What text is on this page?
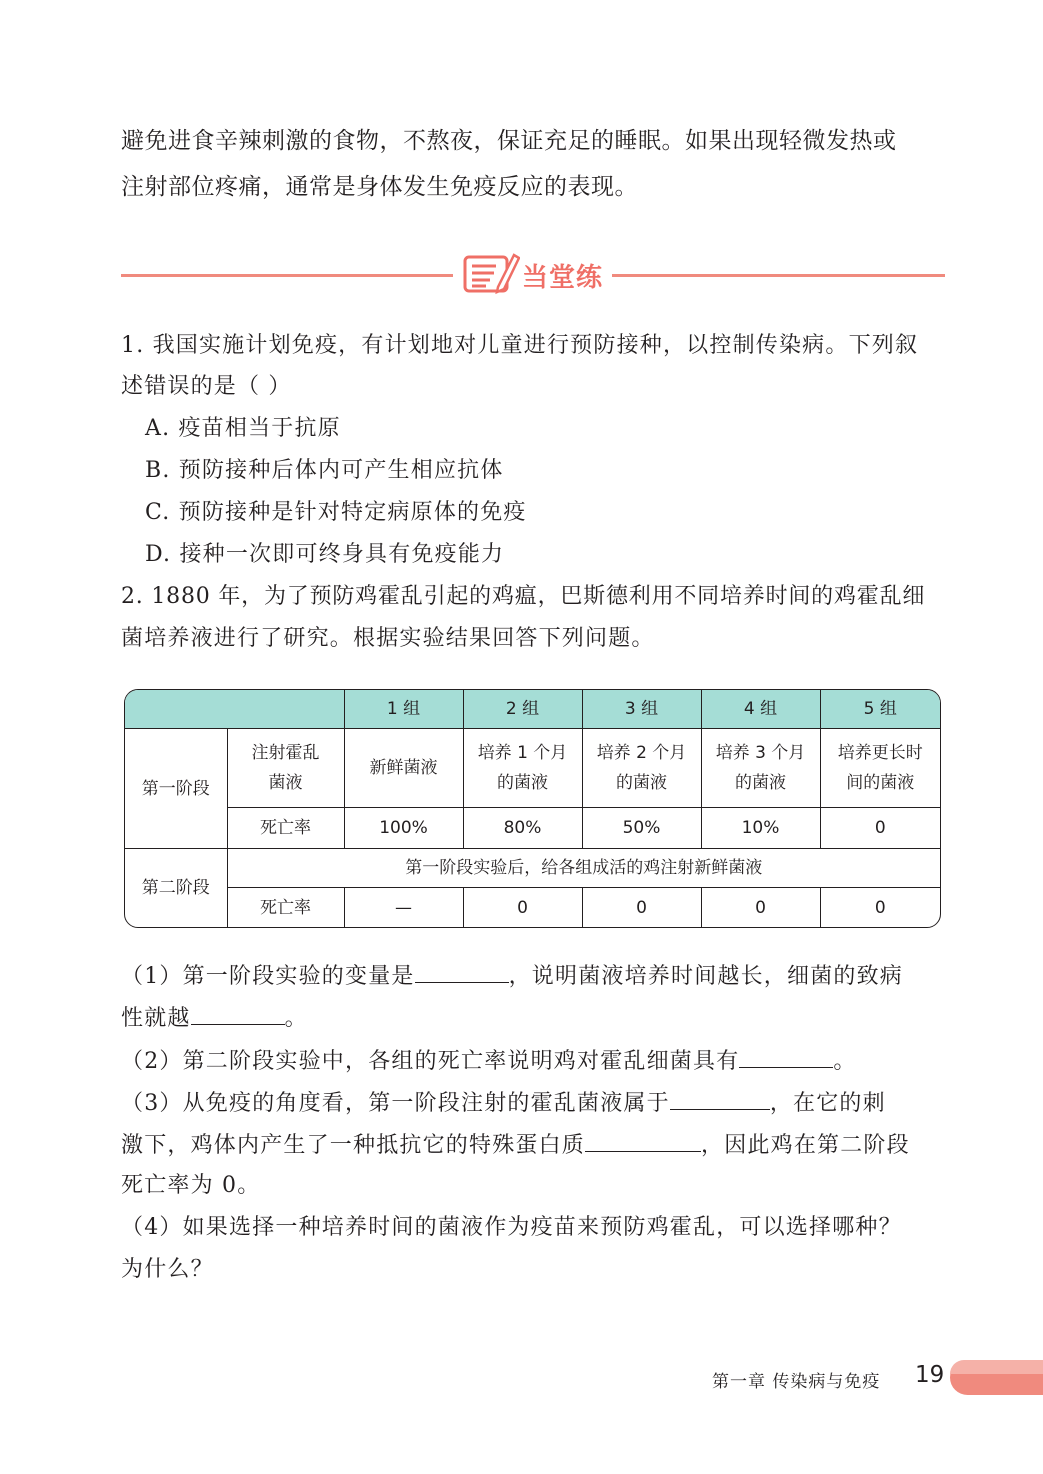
避免进食辛辣刺激的食物，不熬夜，保证充足的睡眠。如果出现轻微发热或

注射部位疼痛，通常是身体发生免疫反应的表现。

当堂练
1. 我国实施计划免疫，有计划地对儿童进行预防接种，以控制传染病。下列叙
述错误的是（ ）
A. 疫苗相当于抗原
B. 预防接种后体内可产生相应抗体
C. 预防接种是针对特定病原体的免疫
D. 接种一次即可终身具有免疫能力
2. 1880 年，为了预防鸡霍乱引起的鸡瘟，巴斯德利用不同培养时间的鸡霍乱细
菌培养液进行了研究。根据实验结果回答下列问题。
		1 组	2 组	3 组	4 组	5 组
第一阶段	注射霍乱菌液	新鲜菌液	培养 1 个月的菌液	培养 2 个月的菌液	培养 3 个月的菌液	培养更长时间的菌液

	死亡率	100%	80%	50%	10%	0
第二阶段	第一阶段实验后，给各组成活的鸡注射新鲜菌液					
	死亡率	—	0	0	0	0
（1）第一阶段实验的变量是	，说明菌液培养时间越长，细菌的致病
性就越	。
（2）第二阶段实验中，各组的死亡率说明鸡对霍乱细菌具有	。
（3）从免疫的角度看，第一阶段注射的霍乱菌液属于	，在它的刺
激下，鸡体内产生了一种抵抗它的特殊蛋白质	，因此鸡在第二阶段
死亡率为 0。
（4）如果选择一种培养时间的菌液作为疫苗来预防鸡霍乱，可以选择哪种？
为什么？
第一章 传染病与免疫 19
